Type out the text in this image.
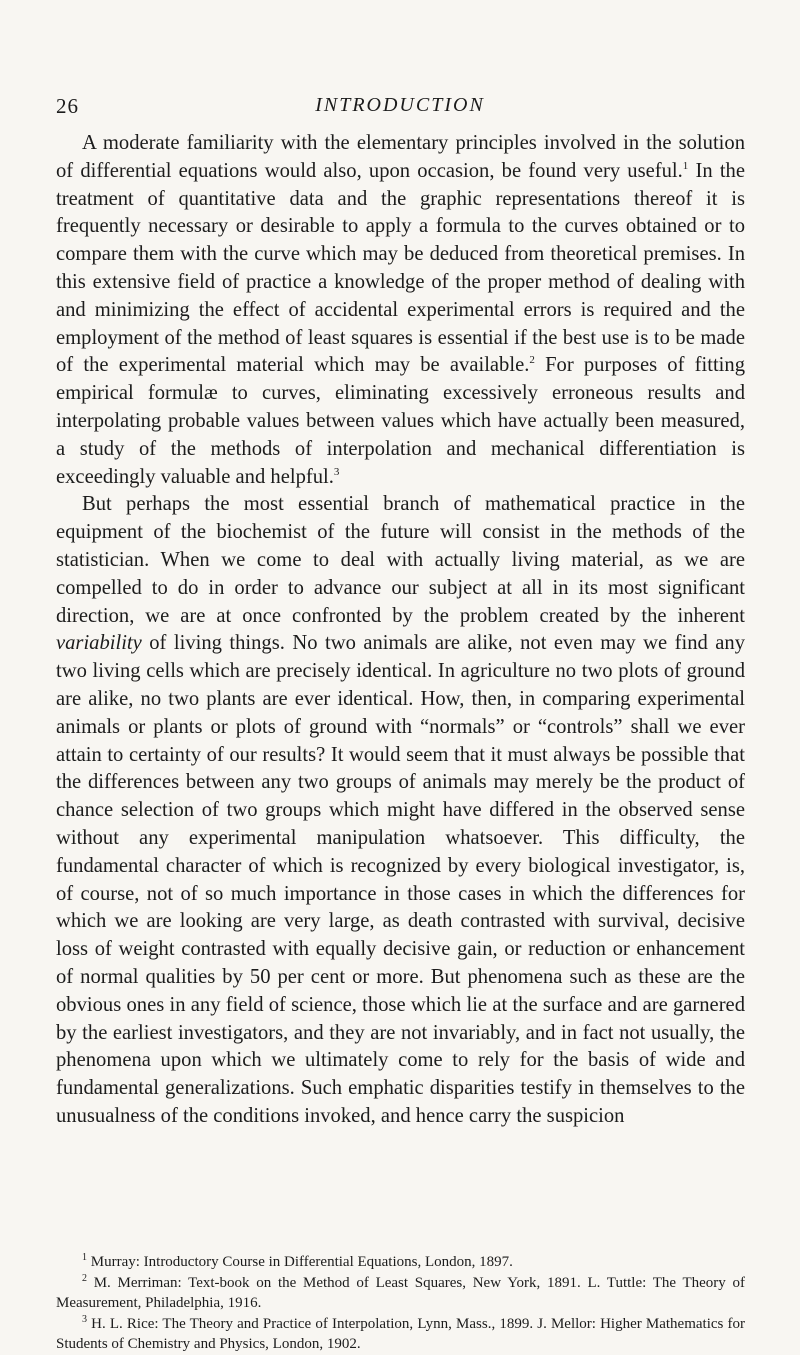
26	INTRODUCTION

A moderate familiarity with the elementary principles involved in the solution of differential equations would also, upon occasion, be found very useful.$^1$ In the treatment of quantitative data and the graphic representations thereof it is frequently necessary or desirable to apply a formula to the curves obtained or to compare them with the curve which may be deduced from theoretical premises. In this extensive field of practice a knowledge of the proper method of dealing with and minimizing the effect of accidental experimental errors is required and the employment of the method of least squares is essential if the best use is to be made of the experimental material which may be available.$^2$ For purposes of fitting empirical formulæ to curves, eliminating excessively erroneous results and interpolating probable values between values which have actually been measured, a study of the methods of interpolation and mechanical differentiation is exceedingly valuable and helpful.$^3$

But perhaps the most essential branch of mathematical practice in the equipment of the biochemist of the future will consist in the methods of the statistician. When we come to deal with actually living material, as we are compelled to do in order to advance our subject at all in its most significant direction, we are at once confronted by the problem created by the inherent variability of living things. No two animals are alike, not even may we find any two living cells which are precisely identical. In agriculture no two plots of ground are alike, no two plants are ever identical. How, then, in comparing experimental animals or plants or plots of ground with “normals” or “controls” shall we ever attain to certainty of our results? It would seem that it must always be possible that the differences between any two groups of animals may merely be the product of chance selection of two groups which might have differed in the observed sense without any experimental manipulation whatsoever. This difficulty, the fundamental character of which is recognized by every biological investigator, is, of course, not of so much importance in those cases in which the differences for which we are looking are very large, as death contrasted with survival, decisive loss of weight contrasted with equally decisive gain, or reduction or enhancement of normal qualities by 50 per cent or more. But phenomena such as these are the obvious ones in any field of science, those which lie at the surface and are garnered by the earliest investigators, and they are not invariably, and in fact not usually, the phenomena upon which we ultimately come to rely for the basis of wide and fundamental generalizations. Such emphatic disparities testify in themselves to the unusualness of the conditions invoked, and hence carry the suspicion

$^1$ Murray: Introductory Course in Differential Equations, London, 1897.

$^2$ M. Merriman: Text-book on the Method of Least Squares, New York, 1891. L. Tuttle: The Theory of Measurement, Philadelphia, 1916.

$^3$ H. L. Rice: The Theory and Practice of Interpolation, Lynn, Mass., 1899. J. Mellor: Higher Mathematics for Students of Chemistry and Physics, London, 1902.
